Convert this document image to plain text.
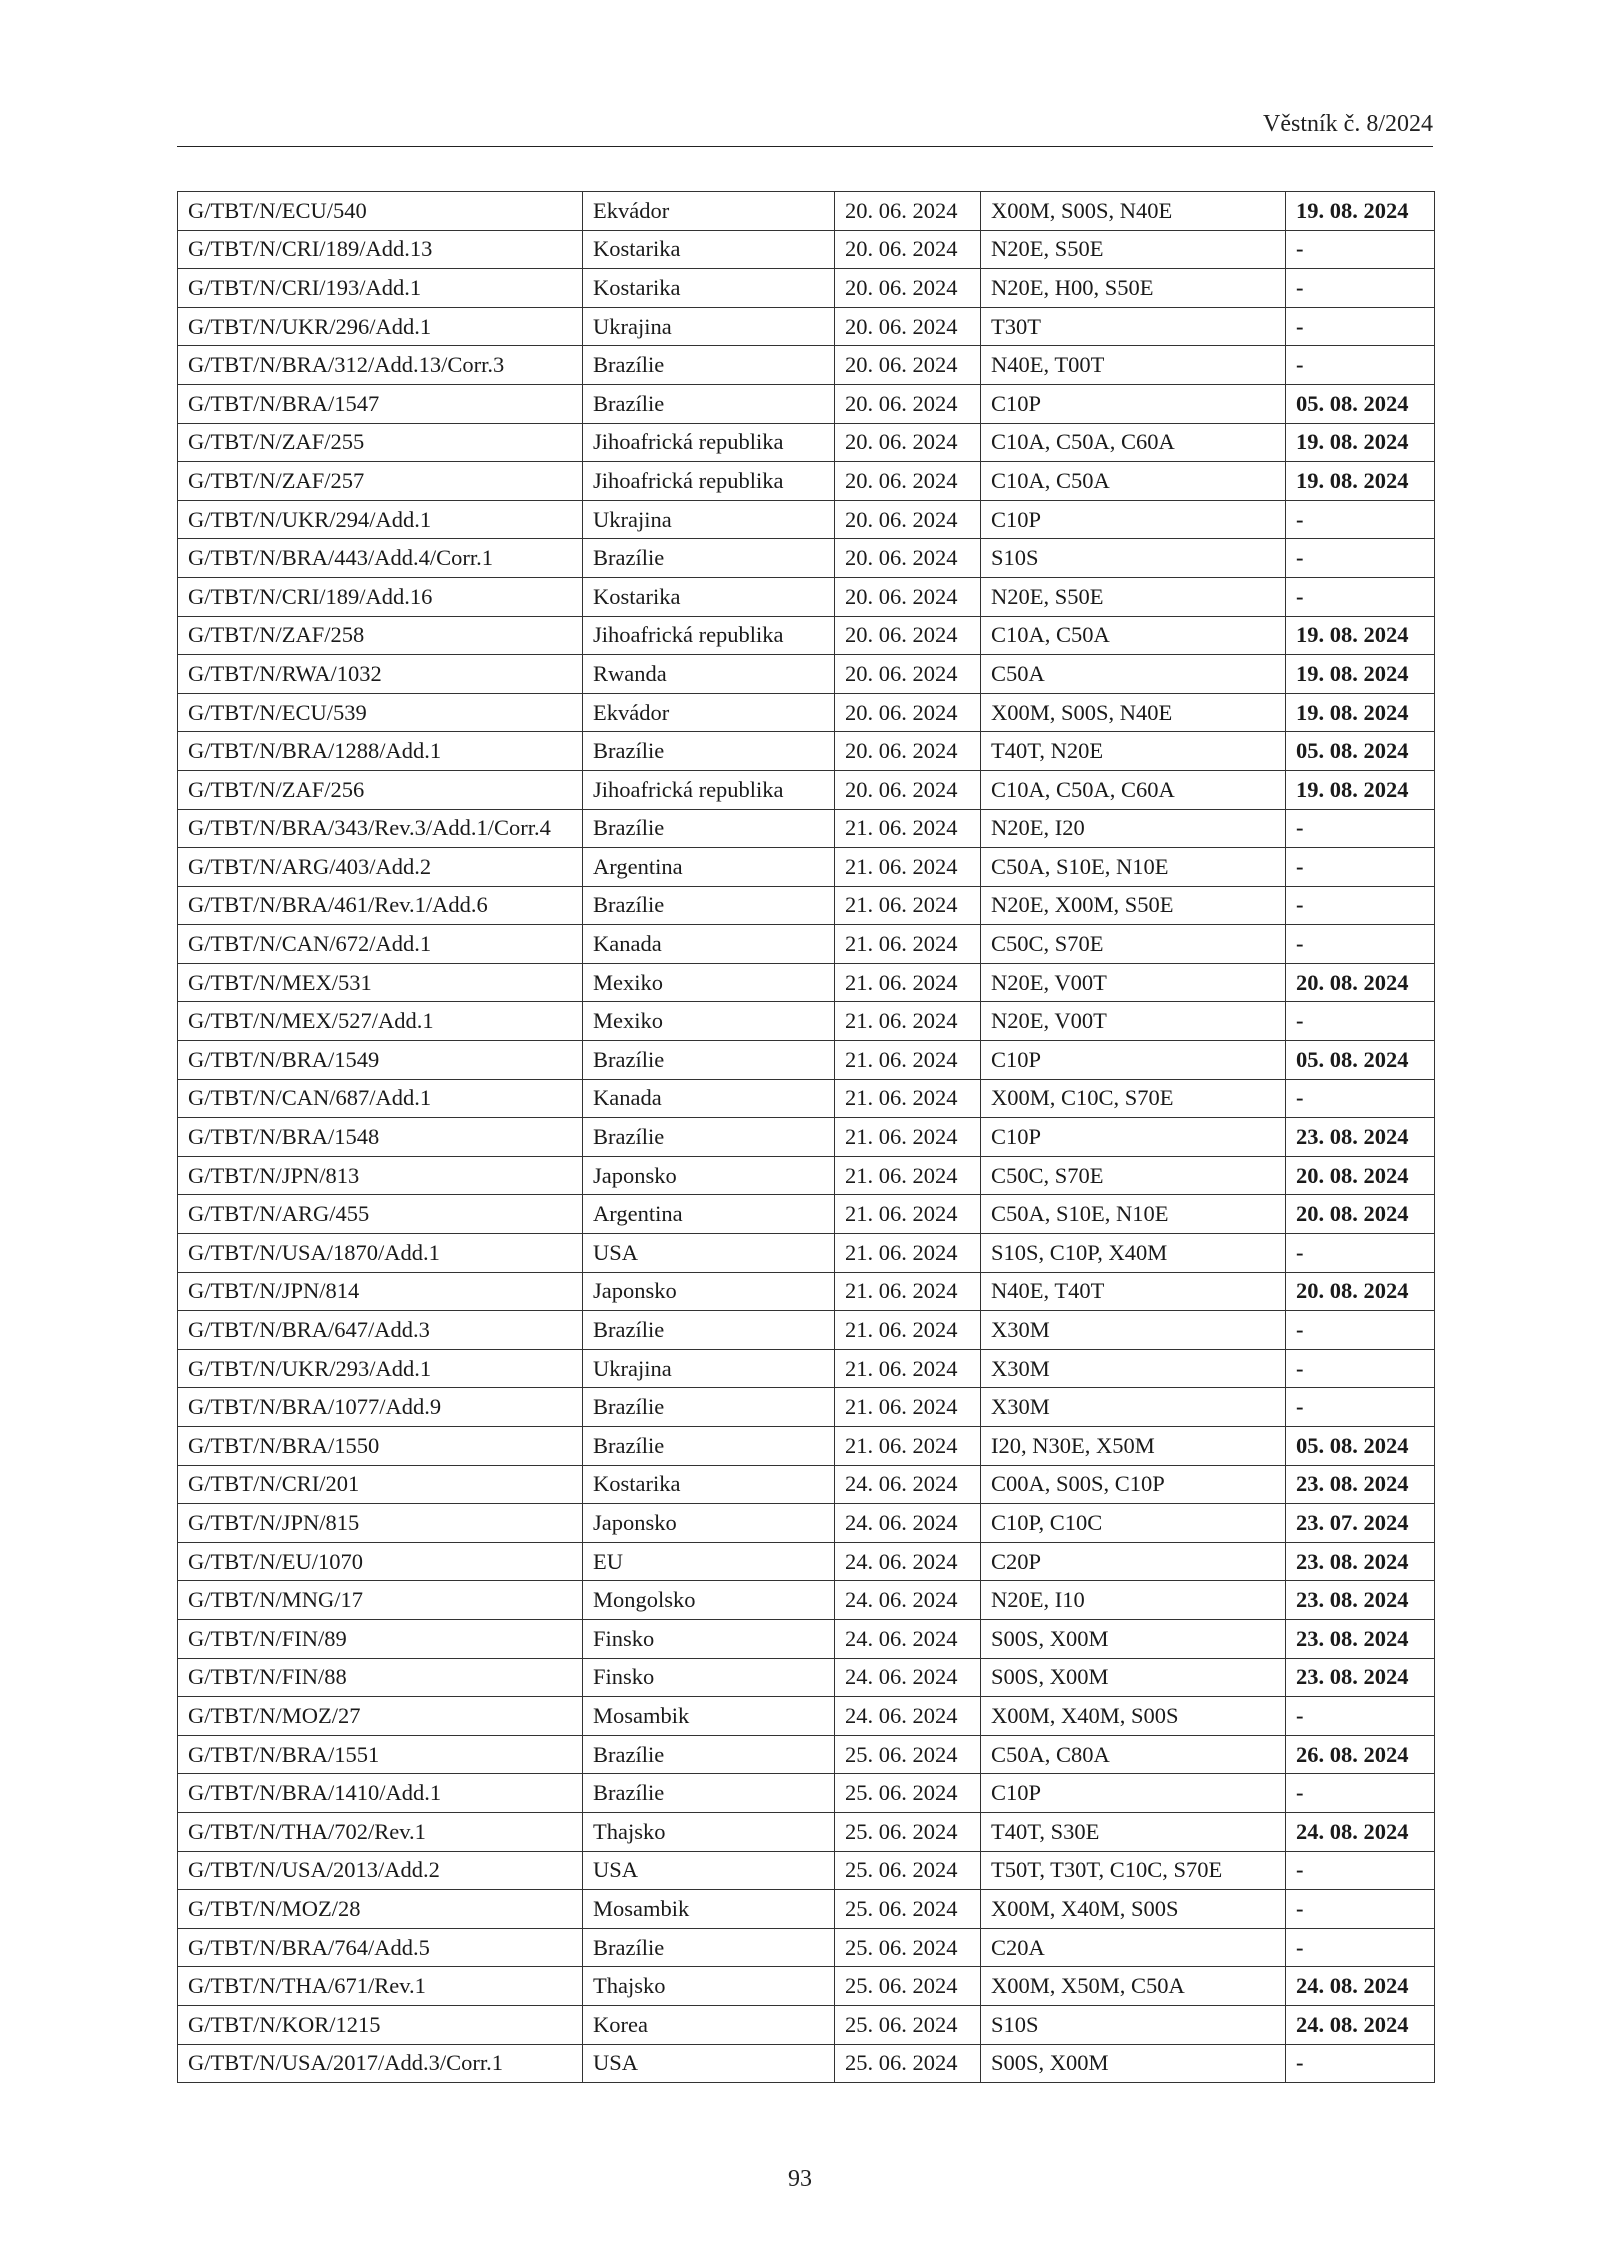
Věstník č. 8/2024
G/TBT/N/ECU/540	Ekvádor	20. 06. 2024	X00M, S00S, N40E	19. 08. 2024
G/TBT/N/CRI/189/Add.13	Kostarika	20. 06. 2024	N20E, S50E	-
G/TBT/N/CRI/193/Add.1	Kostarika	20. 06. 2024	N20E, H00, S50E	-
G/TBT/N/UKR/296/Add.1	Ukrajina	20. 06. 2024	T30T	-
G/TBT/N/BRA/312/Add.13/Corr.3	Brazílie	20. 06. 2024	N40E, T00T	-
G/TBT/N/BRA/1547	Brazílie	20. 06. 2024	C10P	05. 08. 2024
G/TBT/N/ZAF/255	Jihoafrická republika	20. 06. 2024	C10A, C50A, C60A	19. 08. 2024
G/TBT/N/ZAF/257	Jihoafrická republika	20. 06. 2024	C10A, C50A	19. 08. 2024
G/TBT/N/UKR/294/Add.1	Ukrajina	20. 06. 2024	C10P	-
G/TBT/N/BRA/443/Add.4/Corr.1	Brazílie	20. 06. 2024	S10S	-
G/TBT/N/CRI/189/Add.16	Kostarika	20. 06. 2024	N20E, S50E	-
G/TBT/N/ZAF/258	Jihoafrická republika	20. 06. 2024	C10A, C50A	19. 08. 2024
G/TBT/N/RWA/1032	Rwanda	20. 06. 2024	C50A	19. 08. 2024
G/TBT/N/ECU/539	Ekvádor	20. 06. 2024	X00M, S00S, N40E	19. 08. 2024
G/TBT/N/BRA/1288/Add.1	Brazílie	20. 06. 2024	T40T, N20E	05. 08. 2024
G/TBT/N/ZAF/256	Jihoafrická republika	20. 06. 2024	C10A, C50A, C60A	19. 08. 2024
G/TBT/N/BRA/343/Rev.3/Add.1/Corr.4	Brazílie	21. 06. 2024	N20E, I20	-
G/TBT/N/ARG/403/Add.2	Argentina	21. 06. 2024	C50A, S10E, N10E	-
G/TBT/N/BRA/461/Rev.1/Add.6	Brazílie	21. 06. 2024	N20E, X00M, S50E	-
G/TBT/N/CAN/672/Add.1	Kanada	21. 06. 2024	C50C, S70E	-
G/TBT/N/MEX/531	Mexiko	21. 06. 2024	N20E, V00T	20. 08. 2024
G/TBT/N/MEX/527/Add.1	Mexiko	21. 06. 2024	N20E, V00T	-
G/TBT/N/BRA/1549	Brazílie	21. 06. 2024	C10P	05. 08. 2024
G/TBT/N/CAN/687/Add.1	Kanada	21. 06. 2024	X00M, C10C, S70E	-
G/TBT/N/BRA/1548	Brazílie	21. 06. 2024	C10P	23. 08. 2024
G/TBT/N/JPN/813	Japonsko	21. 06. 2024	C50C, S70E	20. 08. 2024
G/TBT/N/ARG/455	Argentina	21. 06. 2024	C50A, S10E, N10E	20. 08. 2024
G/TBT/N/USA/1870/Add.1	USA	21. 06. 2024	S10S, C10P, X40M	-
G/TBT/N/JPN/814	Japonsko	21. 06. 2024	N40E, T40T	20. 08. 2024
G/TBT/N/BRA/647/Add.3	Brazílie	21. 06. 2024	X30M	-
G/TBT/N/UKR/293/Add.1	Ukrajina	21. 06. 2024	X30M	-
G/TBT/N/BRA/1077/Add.9	Brazílie	21. 06. 2024	X30M	-
G/TBT/N/BRA/1550	Brazílie	21. 06. 2024	I20, N30E, X50M	05. 08. 2024
G/TBT/N/CRI/201	Kostarika	24. 06. 2024	C00A, S00S, C10P	23. 08. 2024
G/TBT/N/JPN/815	Japonsko	24. 06. 2024	C10P, C10C	23. 07. 2024
G/TBT/N/EU/1070	EU	24. 06. 2024	C20P	23. 08. 2024
G/TBT/N/MNG/17	Mongolsko	24. 06. 2024	N20E, I10	23. 08. 2024
G/TBT/N/FIN/89	Finsko	24. 06. 2024	S00S, X00M	23. 08. 2024
G/TBT/N/FIN/88	Finsko	24. 06. 2024	S00S, X00M	23. 08. 2024
G/TBT/N/MOZ/27	Mosambik	24. 06. 2024	X00M, X40M, S00S	-
G/TBT/N/BRA/1551	Brazílie	25. 06. 2024	C50A, C80A	26. 08. 2024
G/TBT/N/BRA/1410/Add.1	Brazílie	25. 06. 2024	C10P	-
G/TBT/N/THA/702/Rev.1	Thajsko	25. 06. 2024	T40T, S30E	24. 08. 2024
G/TBT/N/USA/2013/Add.2	USA	25. 06. 2024	T50T, T30T, C10C, S70E	-
G/TBT/N/MOZ/28	Mosambik	25. 06. 2024	X00M, X40M, S00S	-
G/TBT/N/BRA/764/Add.5	Brazílie	25. 06. 2024	C20A	-
G/TBT/N/THA/671/Rev.1	Thajsko	25. 06. 2024	X00M, X50M, C50A	24. 08. 2024
G/TBT/N/KOR/1215	Korea	25. 06. 2024	S10S	24. 08. 2024
G/TBT/N/USA/2017/Add.3/Corr.1	USA	25. 06. 2024	S00S, X00M	-
93
